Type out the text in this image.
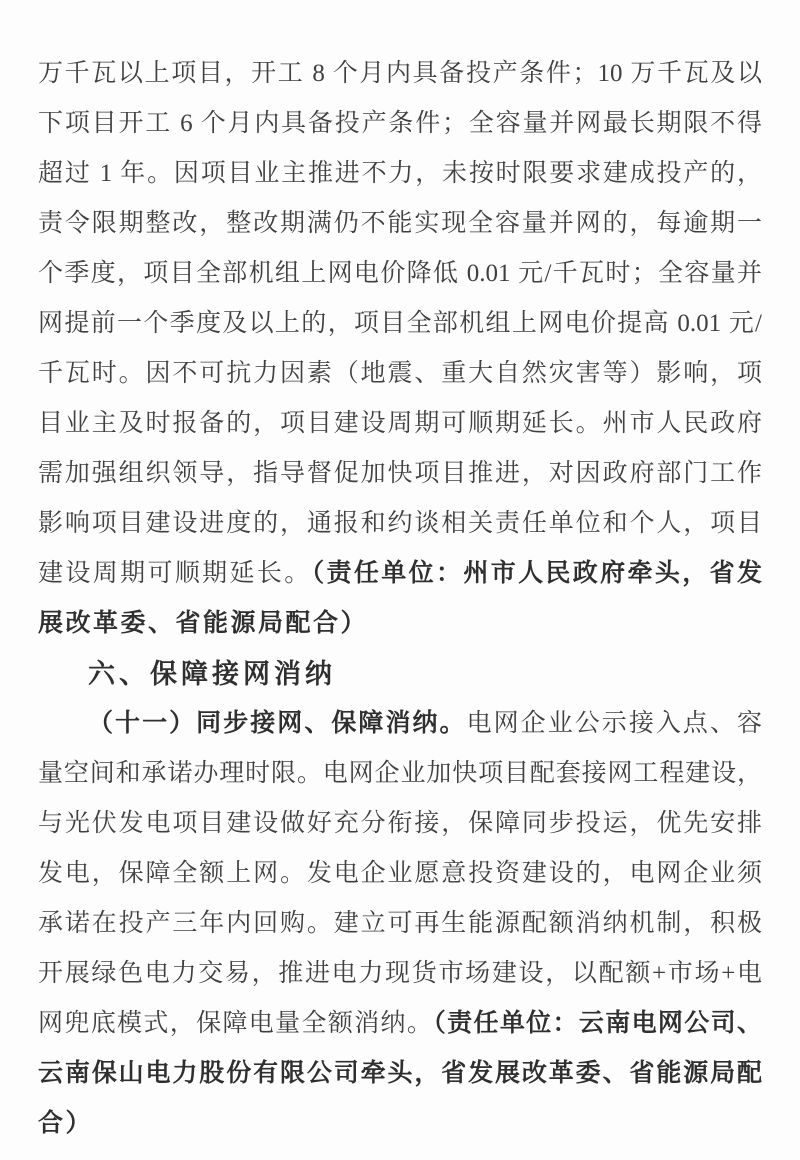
万千瓦以上项目，开工 8 个月内具备投产条件；10 万千瓦及以
下项目开工 6 个月内具备投产条件；全容量并网最长期限不得
超过 1 年。因项目业主推进不力，未按时限要求建成投产的，
责令限期整改，整改期满仍不能实现全容量并网的，每逾期一
个季度，项目全部机组上网电价降低 0.01 元/千瓦时；全容量并
网提前一个季度及以上的，项目全部机组上网电价提高 0.01 元/
千瓦时。因不可抗力因素（地震、重大自然灾害等）影响，项
目业主及时报备的，项目建设周期可顺期延长。州市人民政府
需加强组织领导，指导督促加快项目推进，对因政府部门工作
影响项目建设进度的，通报和约谈相关责任单位和个人，项目
建设周期可顺期延长。（责任单位：州市人民政府牵头，省发
展改革委、省能源局配合）
六、保障接网消纳
（十一）同步接网、保障消纳。电网企业公示接入点、容
量空间和承诺办理时限。电网企业加快项目配套接网工程建设，
与光伏发电项目建设做好充分衔接，保障同步投运，优先安排
发电，保障全额上网。发电企业愿意投资建设的，电网企业须
承诺在投产三年内回购。建立可再生能源配额消纳机制，积极
开展绿色电力交易，推进电力现货市场建设，以配额+市场+电
网兜底模式，保障电量全额消纳。（责任单位：云南电网公司、
云南保山电力股份有限公司牵头，省发展改革委、省能源局配
合）
